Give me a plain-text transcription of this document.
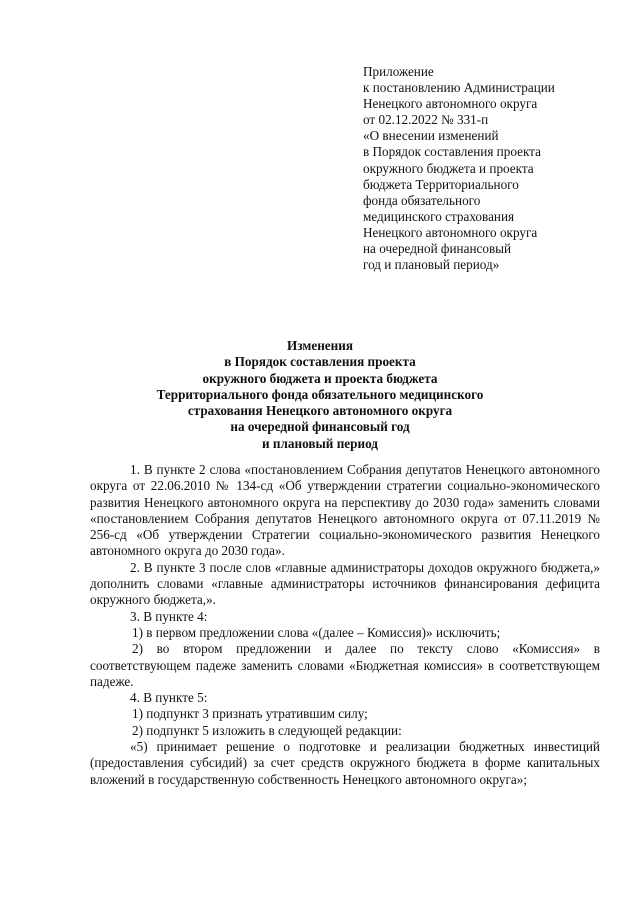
Приложение
к постановлению Администрации
Ненецкого автономного округа
от 02.12.2022 № 331-п
«О внесении изменений
в Порядок составления проекта
окружного бюджета и проекта
бюджета Территориального
фонда обязательного
медицинского страхования
Ненецкого автономного округа
на очередной финансовый
год и плановый период»
Изменения
в Порядок составления проекта
окружного бюджета и проекта бюджета
Территориального фонда обязательного медицинского
страхования Ненецкого автономного округа
на очередной финансовый год
и плановый период

1. В пункте 2 слова «постановлением Собрания депутатов Ненецкого автономного округа от 22.06.2010 № 134-сд «Об утверждении стратегии социально-экономического развития Ненецкого автономного округа на перспективу до 2030 года» заменить словами «постановлением Собрания депутатов Ненецкого автономного округа от 07.11.2019 № 256-сд «Об утверждении Стратегии социально-экономического развития Ненецкого автономного округа до 2030 года».

2. В пункте 3 после слов «главные администраторы доходов окружного бюджета,» дополнить словами «главные администраторы источников финансирования дефицита окружного бюджета,».

3. В пункте 4:

1) в первом предложении слова «(далее – Комиссия)» исключить;

2) во втором предложении и далее по тексту слово «Комиссия» в соответствующем падеже заменить словами «Бюджетная комиссия» в соответствующем падеже.

4. В пункте 5:

1) подпункт 3 признать утратившим силу;

2) подпункт 5 изложить в следующей редакции:

«5) принимает решение о подготовке и реализации бюджетных инвестиций (предоставления субсидий) за счет средств окружного бюджета в форме капитальных вложений в государственную собственность Ненецкого автономного округа»;
